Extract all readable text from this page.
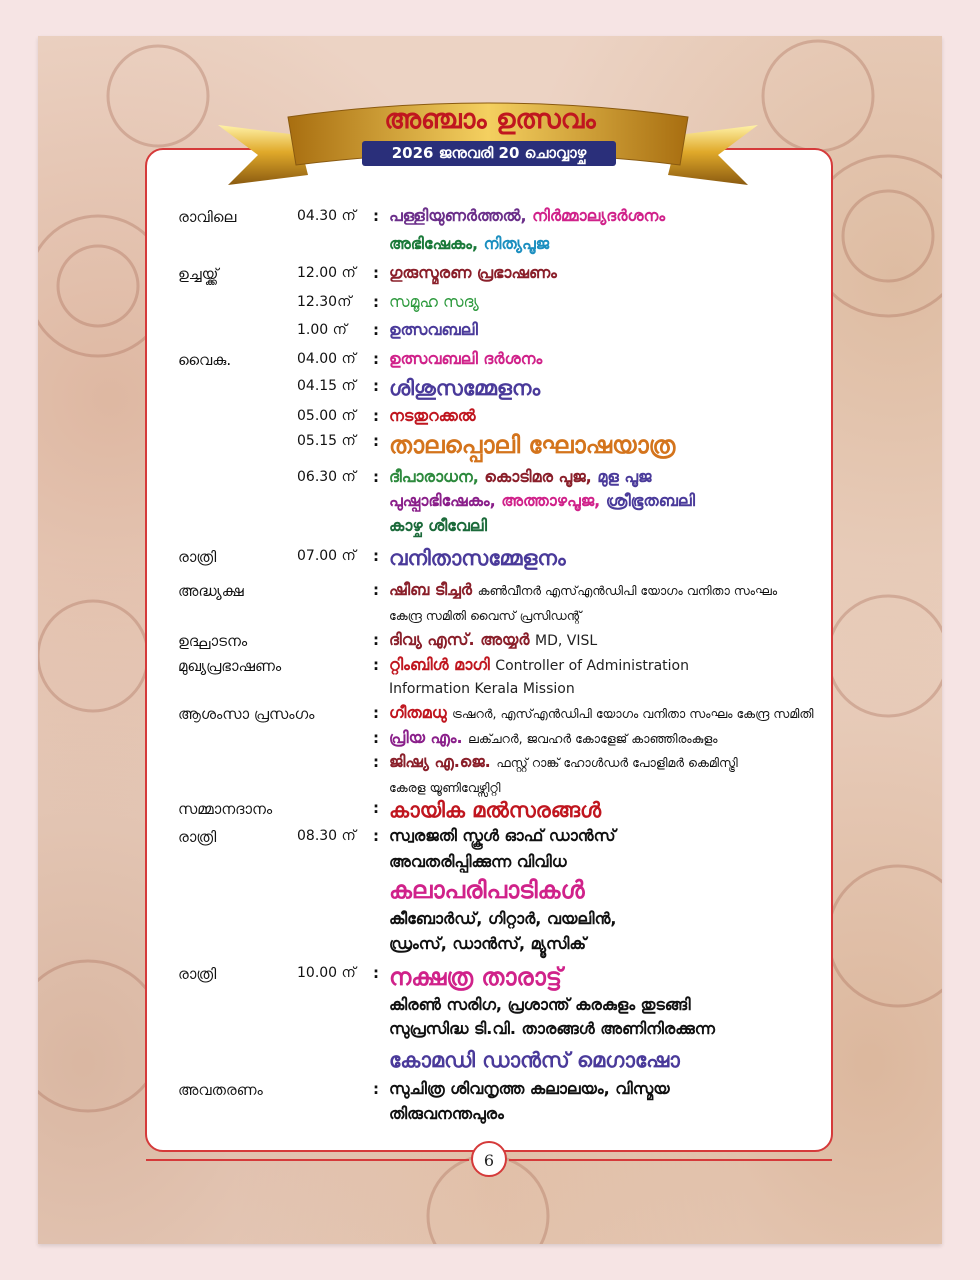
അഞ്ചാം ഉത്സവം
2026 ജനുവരി 20 ചൊവ്വാഴ്ച
6
രാവിലെ	04.30 ന് : പള്ളിയുണർത്തൽ, നിർമ്മാല്യദർശനം
അഭിഷേകം, നിത്യപൂജ
ഉച്ചയ്ക്ക്	12.00 ന് : ഗുരുസ്മരണ പ്രഭാഷണം
12.30ന് : സമൂഹ സദ്യ
1.00 ന് : ഉത്സവബലി
വൈകു.	04.00 ന് : ഉത്സവബലി ദർശനം
04.15 ന് : ശിശുസമ്മേളനം
05.00 ന് : നടതുറക്കൽ
05.15 ന് : താലപ്പൊലി ഘോഷയാത്ര
06.30 ന് : ദീപാരാധന, കൊടിമര പൂജ, മുള പൂജ
പുഷ്പാഭിഷേകം, അത്താഴപൂജ, ശ്രീഭൂതബലി
കാഴ്ച ശീവേലി
രാത്രി	07.00 ന് : വനിതാസമ്മേളനം
അദ്ധ്യക്ഷ	: ഷീബ ടീച്ചർ കൺവീനർ എസ്എൻഡിപി യോഗം വനിതാ സംഘം
കേന്ദ്ര സമിതി വൈസ് പ്രസിഡന്റ്
ഉദ്ഘാടനം	: ദിവ്യ എസ്. അയ്യർ MD, VISL
മുഖ്യപ്രഭാഷണം	: റ്റിംബിൾ മാഗി Controller of Administration
Information Kerala Mission
ആശംസാ പ്രസംഗം	: ഗീതമധു ട്രഷറർ, എസ്എൻഡിപി യോഗം വനിതാ സംഘം കേന്ദ്ര സമിതി
: പ്രിയ എം. ലക്ചറർ, ജവഹർ കോളേജ് കാഞ്ഞിരംകുളം
: ജിഷ്യ എ.ജെ. ഫസ്റ്റ് റാങ്ക് ഹോൾഡർ പോളിമർ കെമിസ്ട്രി
കേരള യൂണിവേഴ്സിറ്റി
സമ്മാനദാനം	: കായിക മൽസരങ്ങൾ
രാത്രി	08.30 ന് : സ്വരജതി സ്കൂൾ ഓഫ് ഡാൻസ്
അവതരിപ്പിക്കുന്ന വിവിധ
കലാപരിപാടികൾ
കീബോർഡ്, ഗിറ്റാർ, വയലിൻ,
ഡ്രംസ്, ഡാൻസ്, മ്യൂസിക്
രാത്രി	10.00 ന് : നക്ഷത്ര താരാട്ട്
കിരൺ സരിഗ, പ്രശാന്ത് കരകുളം തുടങ്ങി
സുപ്രസിദ്ധ ടി.വി. താരങ്ങൾ അണിനിരക്കുന്ന
കോമഡി ഡാൻസ് മെഗാഷോ
അവതരണം	: സുചിത്ര ശിവനൃത്ത കലാലയം, വിസ്മയ
തിരുവനന്തപുരം
